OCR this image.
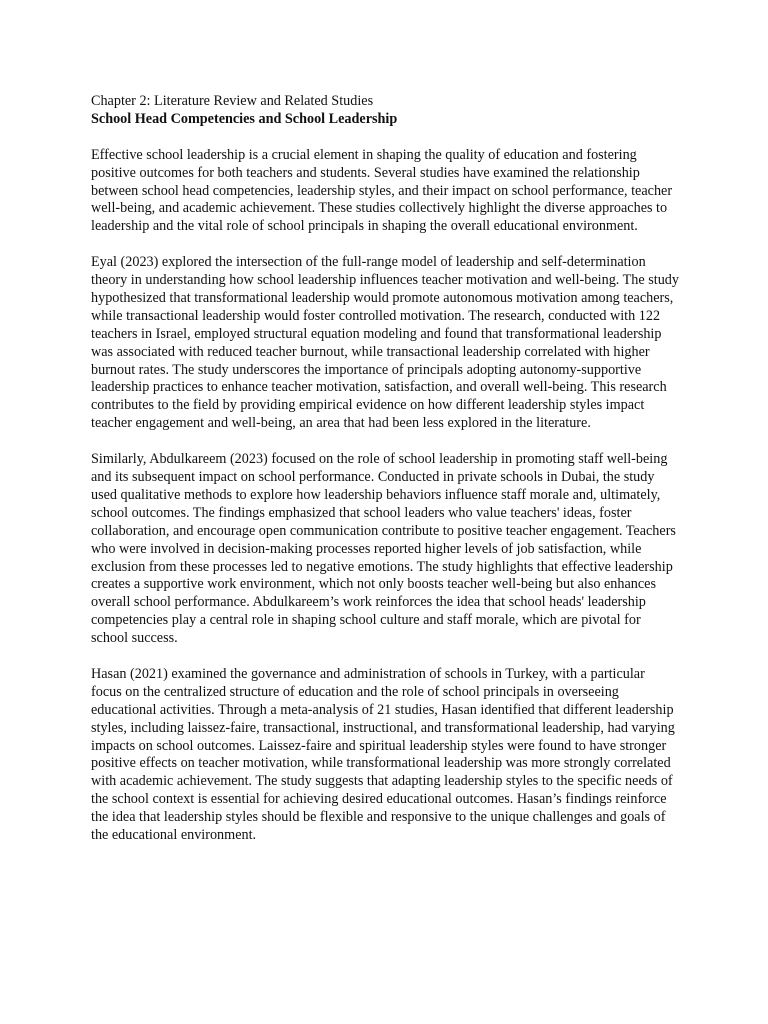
Chapter 2: Literature Review and Related Studies

School Head Competencies and School Leadership

Effective school leadership is a crucial element in shaping the quality of education and fostering positive outcomes for both teachers and students. Several studies have examined the relationship between school head competencies, leadership styles, and their impact on school performance, teacher well-being, and academic achievement. These studies collectively highlight the diverse approaches to leadership and the vital role of school principals in shaping the overall educational environment.

Eyal (2023) explored the intersection of the full-range model of leadership and self-determination theory in understanding how school leadership influences teacher motivation and well-being. The study hypothesized that transformational leadership would promote autonomous motivation among teachers, while transactional leadership would foster controlled motivation. The research, conducted with 122 teachers in Israel, employed structural equation modeling and found that transformational leadership was associated with reduced teacher burnout, while transactional leadership correlated with higher burnout rates. The study underscores the importance of principals adopting autonomy-supportive leadership practices to enhance teacher motivation, satisfaction, and overall well-being. This research contributes to the field by providing empirical evidence on how different leadership styles impact teacher engagement and well-being, an area that had been less explored in the literature.

Similarly, Abdulkareem (2023) focused on the role of school leadership in promoting staff well-being and its subsequent impact on school performance. Conducted in private schools in Dubai, the study used qualitative methods to explore how leadership behaviors influence staff morale and, ultimately, school outcomes. The findings emphasized that school leaders who value teachers' ideas, foster collaboration, and encourage open communication contribute to positive teacher engagement. Teachers who were involved in decision-making processes reported higher levels of job satisfaction, while exclusion from these processes led to negative emotions. The study highlights that effective leadership creates a supportive work environment, which not only boosts teacher well-being but also enhances overall school performance. Abdulkareem’s work reinforces the idea that school heads' leadership competencies play a central role in shaping school culture and staff morale, which are pivotal for school success.

Hasan (2021) examined the governance and administration of schools in Turkey, with a particular focus on the centralized structure of education and the role of school principals in overseeing educational activities. Through a meta-analysis of 21 studies, Hasan identified that different leadership styles, including laissez-faire, transactional, instructional, and transformational leadership, had varying impacts on school outcomes. Laissez-faire and spiritual leadership styles were found to have stronger positive effects on teacher motivation, while transformational leadership was more strongly correlated with academic achievement. The study suggests that adapting leadership styles to the specific needs of the school context is essential for achieving desired educational outcomes. Hasan’s findings reinforce the idea that leadership styles should be flexible and responsive to the unique challenges and goals of the educational environment.
